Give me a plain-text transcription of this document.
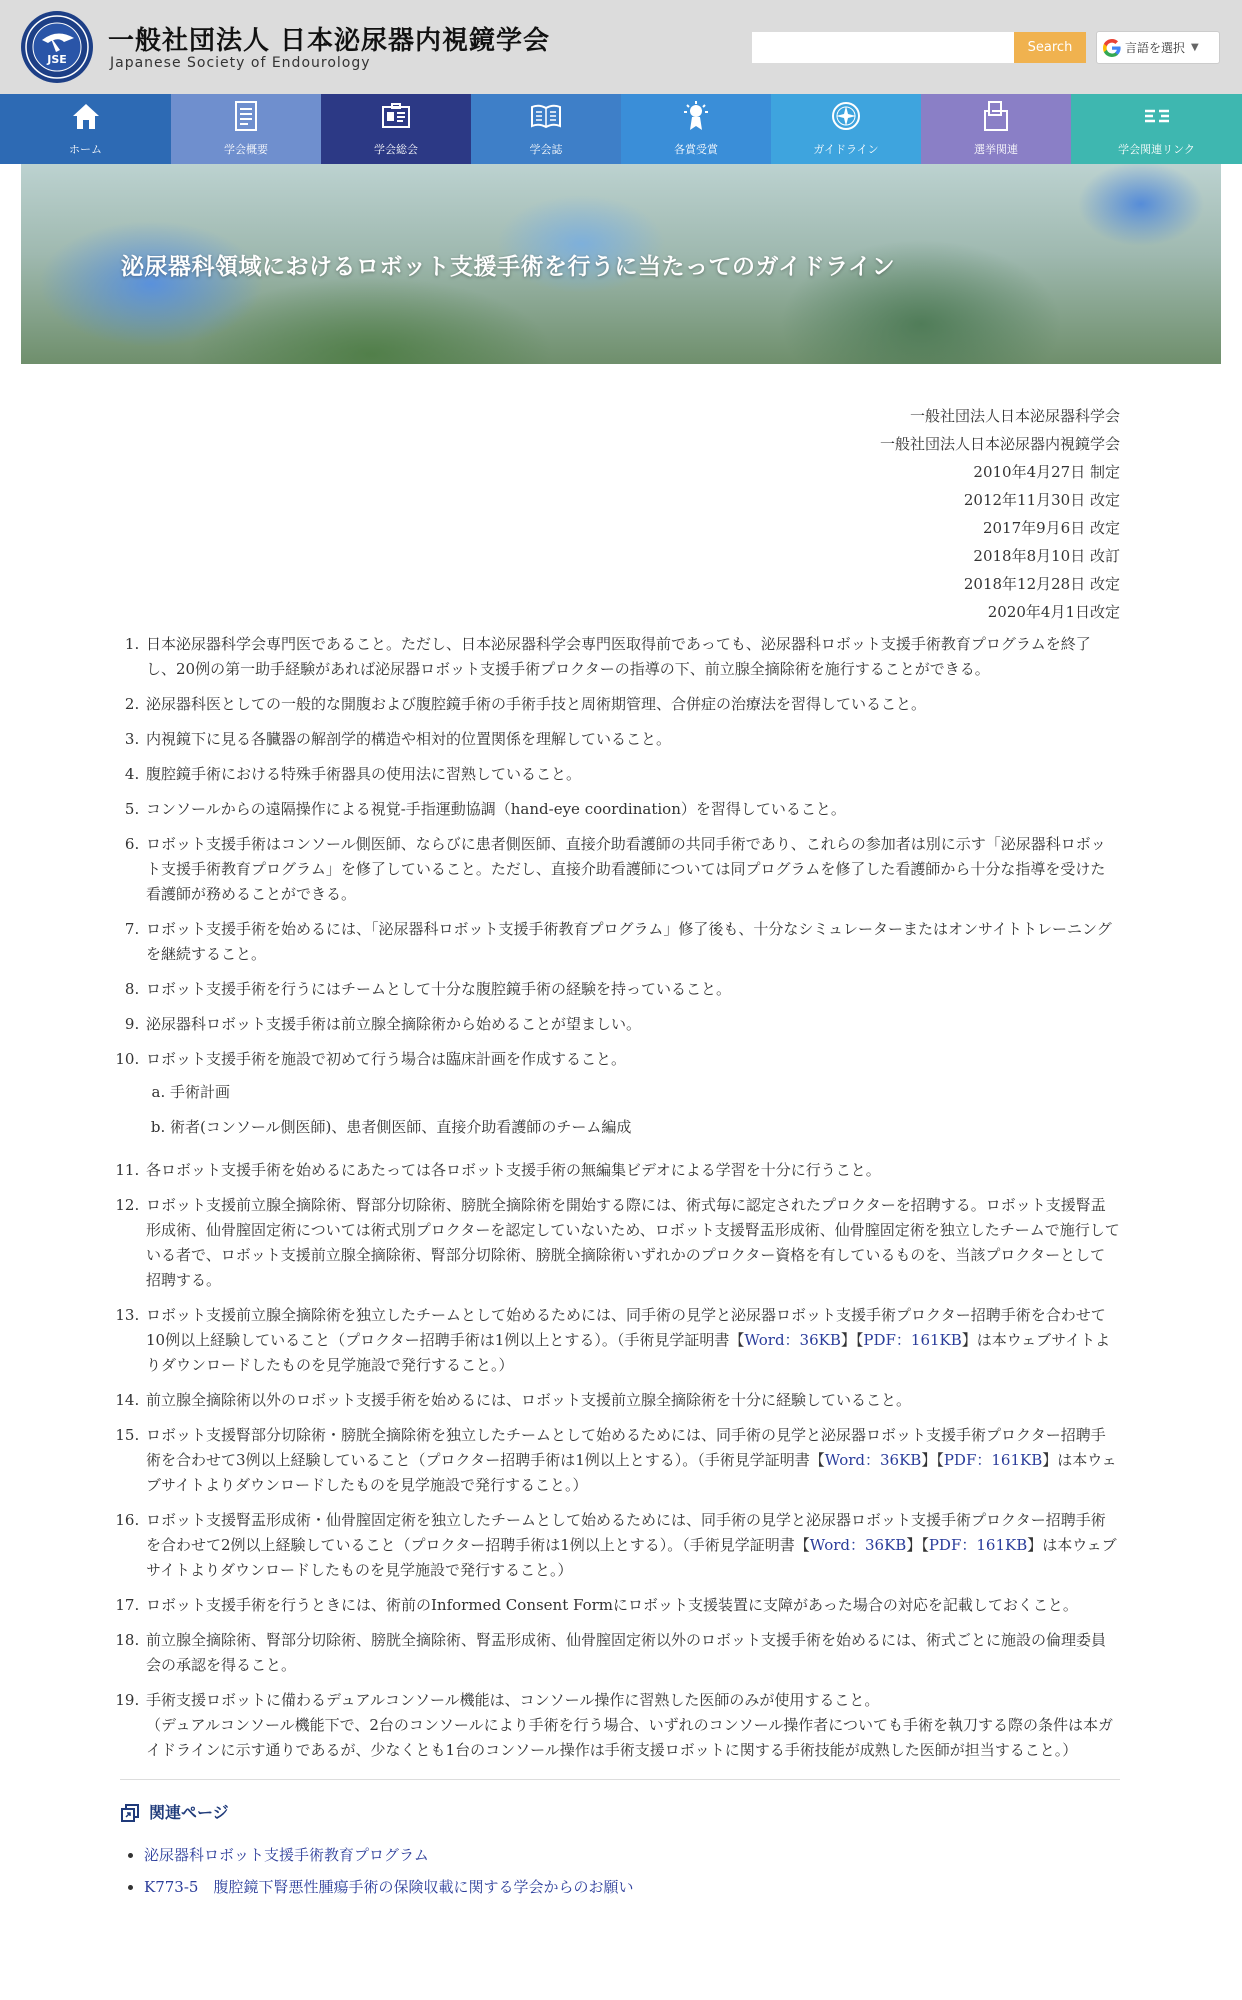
JSE
一般社団法人 日本泌尿器内視鏡学会
Japanese Society of Endourology
Search	言語を選択 ▼
ホーム	学会概要	学会総会	学会誌	各賞受賞	ガイドライン	選挙関連	学会関連リンク
泌尿器科領域におけるロボット支援手術を行うに当たってのガイドライン
一般社団法人日本泌尿器科学会
一般社団法人日本泌尿器内視鏡学会
2010年4月27日 制定
2012年11月30日 改定
2017年9月6日 改定
2018年8月10日 改訂
2018年12月28日 改定
2020年4月1日改定
1. 日本泌尿器科学会専門医であること。ただし、日本泌尿器科学会専門医取得前であっても、泌尿器科ロボット支援手術教育プログラムを終了し、20例の第一助手経験があれば泌尿器ロボット支援手術プロクターの指導の下、前立腺全摘除術を施行することができる。
2. 泌尿器科医としての一般的な開腹および腹腔鏡手術の手術手技と周術期管理、合併症の治療法を習得していること。
3. 内視鏡下に見る各臓器の解剖学的構造や相対的位置関係を理解していること。
4. 腹腔鏡手術における特殊手術器具の使用法に習熟していること。
5. コンソールからの遠隔操作による視覚-手指運動協調（hand-eye coordination）を習得していること。
6. ロボット支援手術はコンソール側医師、ならびに患者側医師、直接介助看護師の共同手術であり、これらの参加者は別に示す「泌尿器科ロボット支援手術教育プログラム」を修了していること。ただし、直接介助看護師については同プログラムを修了した看護師から十分な指導を受けた看護師が務めることができる。
7. ロボット支援手術を始めるには、「泌尿器科ロボット支援手術教育プログラム」修了後も、十分なシミュレーターまたはオンサイトトレーニングを継続すること。
8. ロボット支援手術を行うにはチームとして十分な腹腔鏡手術の経験を持っていること。
9. 泌尿器科ロボット支援手術は前立腺全摘除術から始めることが望ましい。
10. ロボット支援手術を施設で初めて行う場合は臨床計画を作成すること。
a. 手術計画
b. 術者(コンソール側医師)、患者側医師、直接介助看護師のチーム編成
11. 各ロボット支援手術を始めるにあたっては各ロボット支援手術の無編集ビデオによる学習を十分に行うこと。
12. ロボット支援前立腺全摘除術、腎部分切除術、膀胱全摘除術を開始する際には、術式毎に認定されたプロクターを招聘する。ロボット支援腎盂形成術、仙骨膣固定術については術式別プロクターを認定していないため、ロボット支援腎盂形成術、仙骨膣固定術を独立したチームで施行している者で、ロボット支援前立腺全摘除術、腎部分切除術、膀胱全摘除術いずれかのプロクター資格を有しているものを、当該プロクターとして招聘する。
13. ロボット支援前立腺全摘除術を独立したチームとして始めるためには、同手術の見学と泌尿器ロボット支援手術プロクター招聘手術を合わせて10例以上経験していること（プロクター招聘手術は1例以上とする）。（手術見学証明書【Word：36KB】【PDF：161KB】は本ウェブサイトよりダウンロードしたものを見学施設で発行すること。）
14. 前立腺全摘除術以外のロボット支援手術を始めるには、ロボット支援前立腺全摘除術を十分に経験していること。
15. ロボット支援腎部分切除術・膀胱全摘除術を独立したチームとして始めるためには、同手術の見学と泌尿器ロボット支援手術プロクター招聘手術を合わせて3例以上経験していること（プロクター招聘手術は1例以上とする）。（手術見学証明書【Word：36KB】【PDF：161KB】は本ウェブサイトよりダウンロードしたものを見学施設で発行すること。）
16. ロボット支援腎盂形成術・仙骨膣固定術を独立したチームとして始めるためには、同手術の見学と泌尿器ロボット支援手術プロクター招聘手術を合わせて2例以上経験していること（プロクター招聘手術は1例以上とする）。（手術見学証明書【Word：36KB】【PDF：161KB】は本ウェブサイトよりダウンロードしたものを見学施設で発行すること。）
17. ロボット支援手術を行うときには、術前のInformed Consent Formにロボット支援装置に支障があった場合の対応を記載しておくこと。
18. 前立腺全摘除術、腎部分切除術、膀胱全摘除術、腎盂形成術、仙骨膣固定術以外のロボット支援手術を始めるには、術式ごとに施設の倫理委員会の承認を得ること。
19. 手術支援ロボットに備わるデュアルコンソール機能は、コンソール操作に習熟した医師のみが使用すること。
（デュアルコンソール機能下で、2台のコンソールにより手術を行う場合、いずれのコンソール操作者についても手術を執刀する際の条件は本ガイドラインに示す通りであるが、少なくとも1台のコンソール操作は手術支援ロボットに関する手術技能が成熟した医師が担当すること。）
関連ページ
• 泌尿器科ロボット支援手術教育プログラム
• K773-5　腹腔鏡下腎悪性腫瘍手術の保険収載に関する学会からのお願い
